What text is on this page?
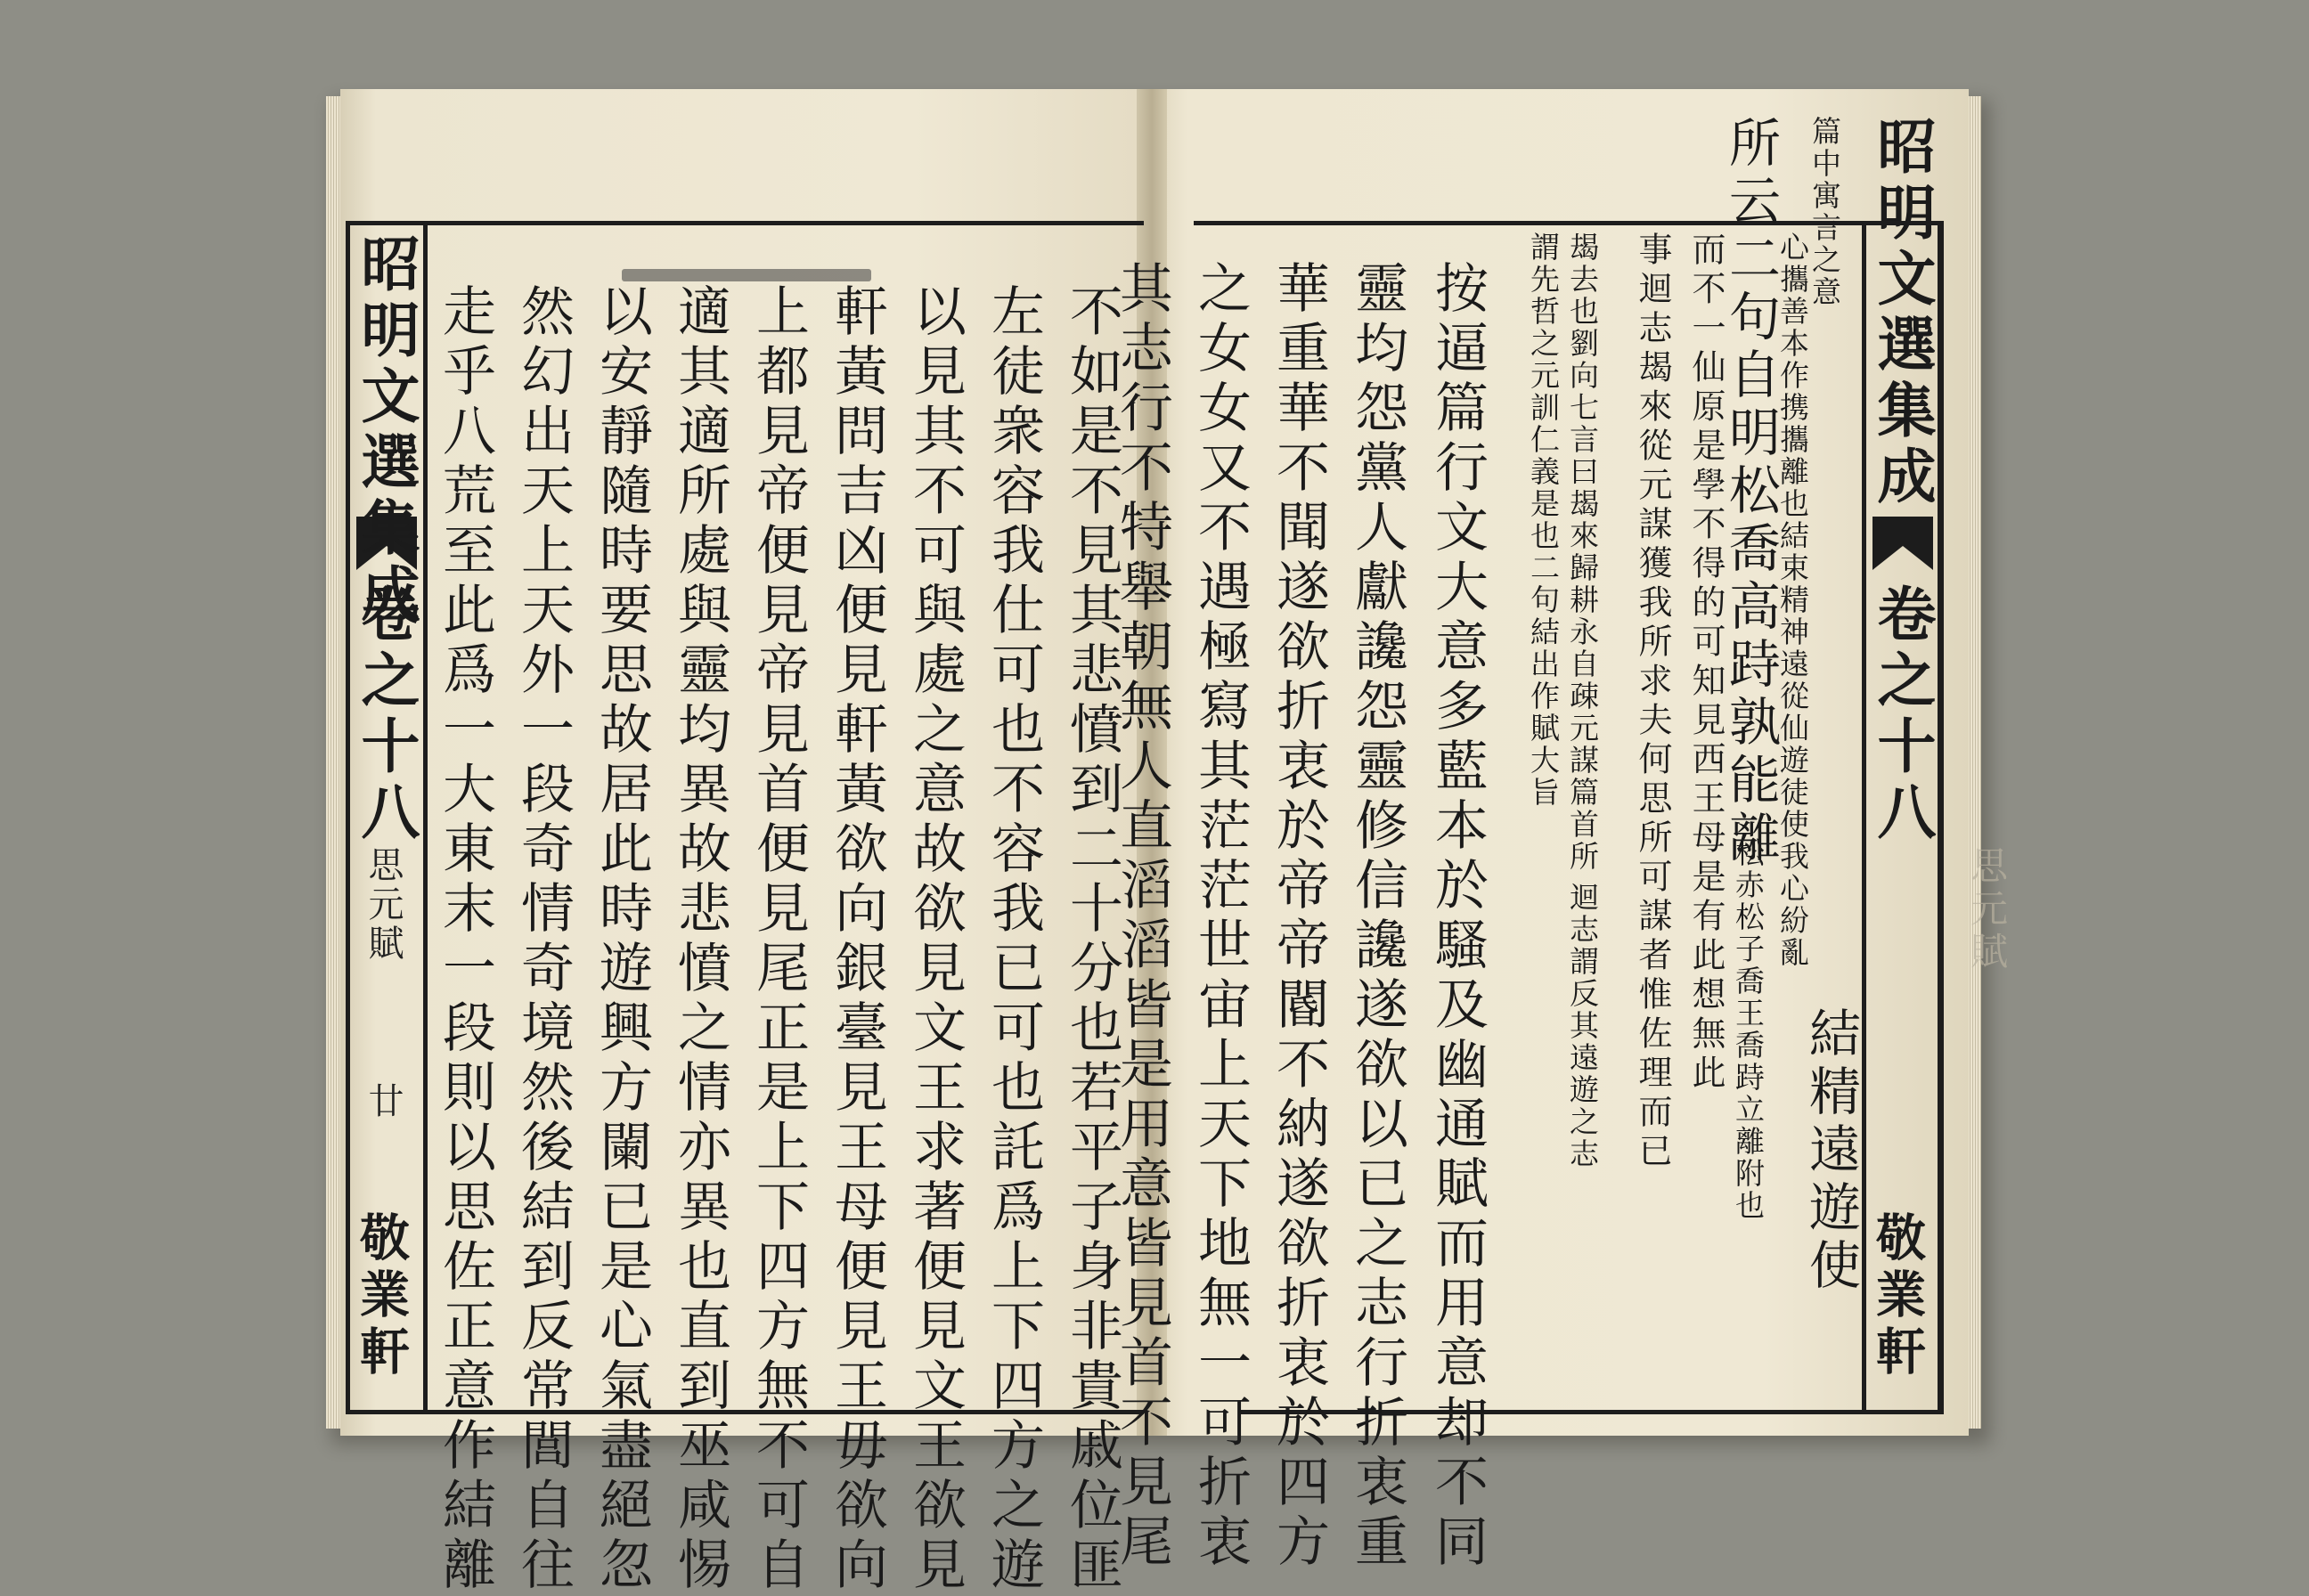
昭明文選集成
卷之十八
思元賦
廿
敬業軒	不如是不見其悲憤到二十分也若平子身非貴戚位匪
左徒衆容我仕可也不容我已可也託爲上下四方之遊
以見其不可與處之意故欲見文王求著便見文王欲見
軒黃問吉凶便見軒黃欲向銀臺見王母便見王毋欲向
上都見帝便見帝見首便見尾正是上下四方無不可自
適其適所處與靈均異故悲憤之情亦異也直到巫咸惕
以安靜隨時要思故居此時遊興方闌已是心氣盡絕忽
然幻出天上天外一段奇情奇境然後結到反常閭自往
走乎八荒至此爲一大東末一段則以思佐正意作結離	昭明文選集成
卷之十八
敬業軒
思元賦
所云二句自明松喬高跱孰能離
松赤松子喬王喬跱立離附也 結精遠遊使
篇中寓言之意
心攜善本作携攜離也結束精神遠從仙遊徒使我心紛亂
而不一仙原是學不得的可知見西王母是有此想無此
事迴志朅來從元謀獲我所求夫何思所可謀者惟佐理而已
迴志謂反其遠遊之志
朅去也劉向七言曰朅來歸耕永自疎元謀篇首所
謂先哲之元訓仁義是也二句結出作賦大旨
按逼篇行文大意多藍本於騷及幽通賦而用意却不同
靈均怨黨人獻讒怨靈修信讒遂欲以已之志行折衷重
華重華不聞遂欲折衷於帝帝閽不納遂欲折衷於四方
之女女又不遇極寫其茫茫世宙上天下地無一可折衷
其志行不特舉朝無人直滔滔皆是用意皆見首不見尾
